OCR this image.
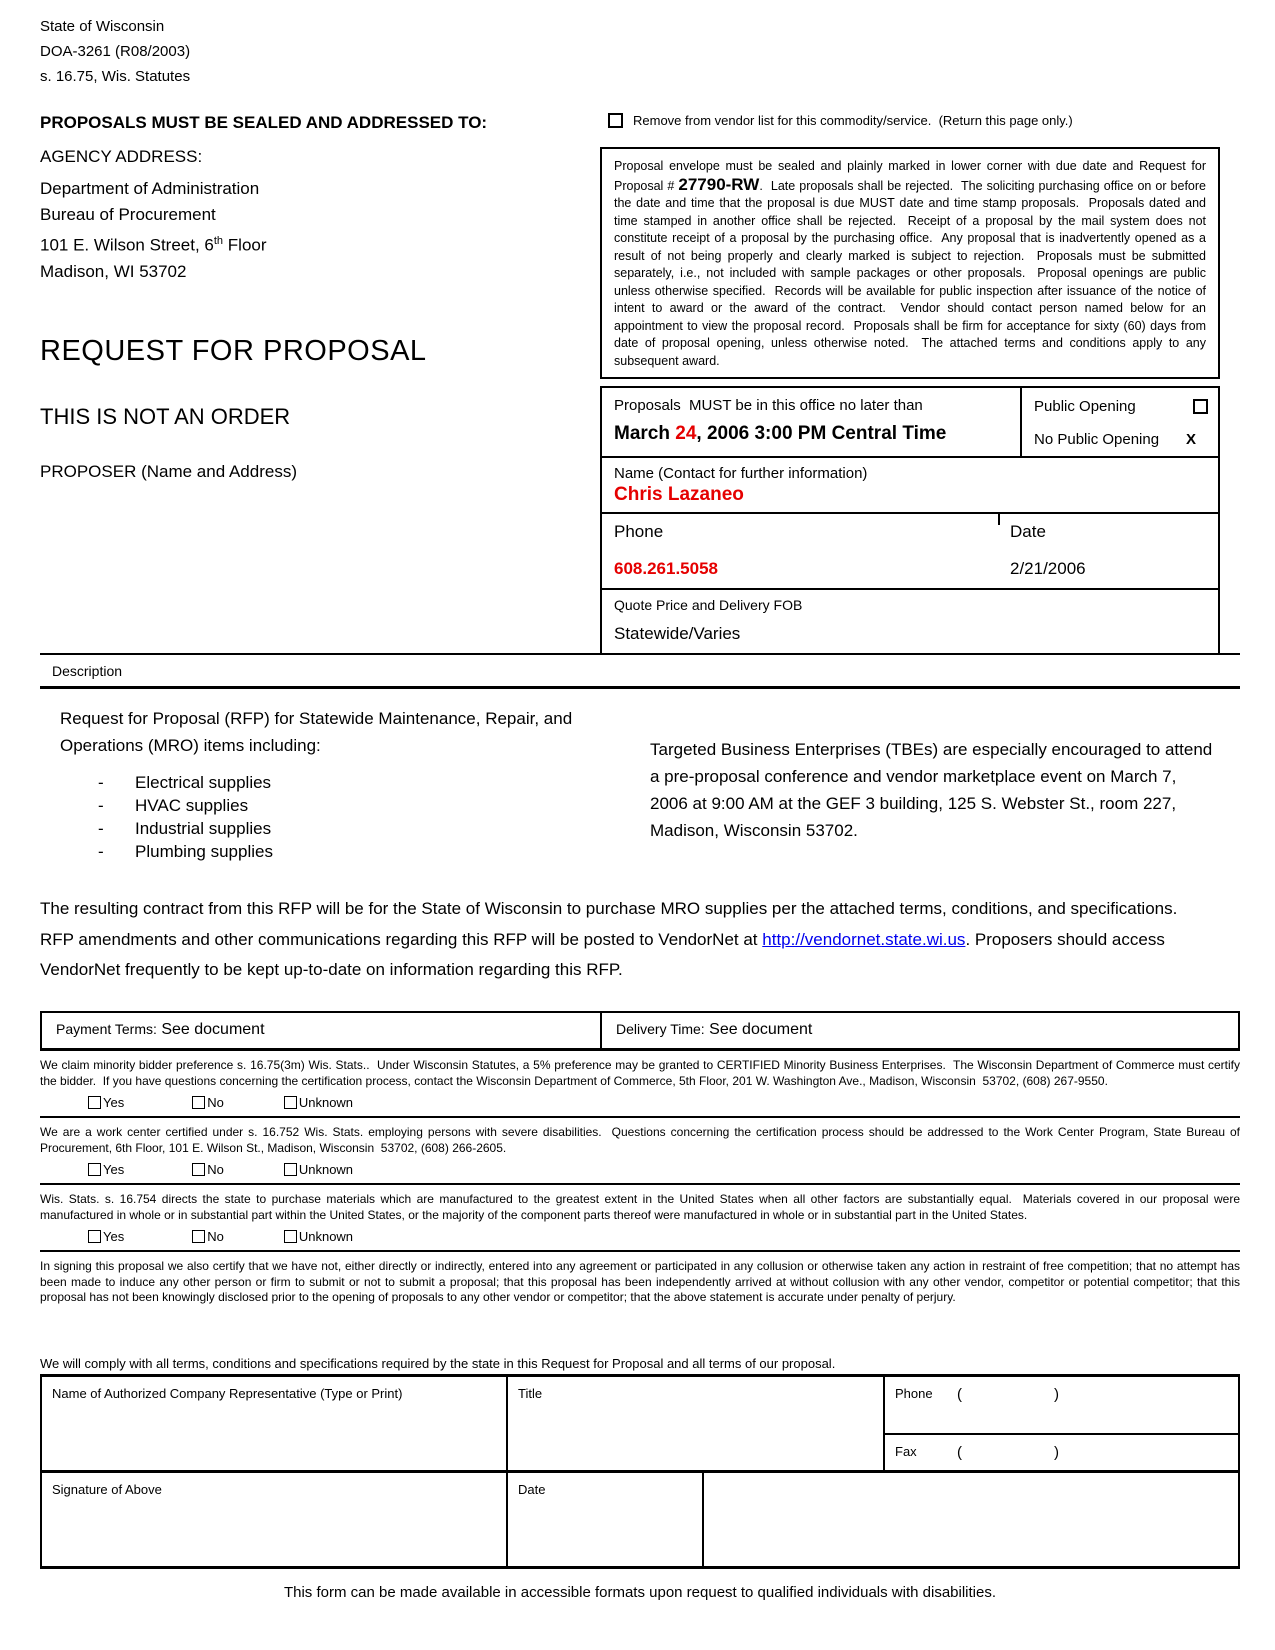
State of Wisconsin
DOA-3261 (R08/2003)
s. 16.75, Wis. Statutes
PROPOSALS MUST BE SEALED AND ADDRESSED TO:	Remove from vendor list for this commodity/service.  (Return this page only.)
AGENCY ADDRESS:
Department of Administration
Bureau of Procurement
101 E. Wilson Street, 6th Floor
Madison, WI 53702
REQUEST FOR PROPOSAL
THIS IS NOT AN ORDER
PROPOSER (Name and Address)
Proposal envelope must be sealed and plainly marked in lower corner with due date and Request for Proposal # 27790-RW.  Late proposals shall be rejected.  The soliciting purchasing office on or before the date and time that the proposal is due MUST date and time stamp proposals.  Proposals dated and time stamped in another office shall be rejected.  Receipt of a proposal by the mail system does not constitute receipt of a proposal by the purchasing office.  Any proposal that is inadvertently opened as a result of not being properly and clearly marked is subject to rejection.  Proposals must be submitted separately, i.e., not included with sample packages or other proposals.  Proposal openings are public unless otherwise specified.  Records will be available for public inspection after issuance of the notice of intent to award or the award of the contract.  Vendor should contact person named below for an appointment to view the proposal record.  Proposals shall be firm for acceptance for sixty (60) days from date of proposal opening, unless otherwise noted.  The attached terms and conditions apply to any subsequent award.
Proposals  MUST be in this office no later than
March 24, 2006 3:00 PM Central Time
Public Opening
No Public Opening X
Name (Contact for further information)
Chris Lazaneo
Phone
608.261.5058
Date
2/21/2006
Quote Price and Delivery FOB
Statewide/Varies
Description
Request for Proposal (RFP) for Statewide Maintenance, Repair, and Operations (MRO) items including:
-	Electrical supplies
-	HVAC supplies
-	Industrial supplies
-	Plumbing supplies
Targeted Business Enterprises (TBEs) are especially encouraged to attend a pre-proposal conference and vendor marketplace event on March 7, 2006 at 9:00 AM at the GEF 3 building, 125 S. Webster St., room 227, Madison, Wisconsin 53702.
The resulting contract from this RFP will be for the State of Wisconsin to purchase MRO supplies per the attached terms, conditions, and specifications.
RFP amendments and other communications regarding this RFP will be posted to VendorNet at http://vendornet.state.wi.us. Proposers should access VendorNet frequently to be kept up-to-date on information regarding this RFP.
Payment Terms: See document	Delivery Time: See document
We claim minority bidder preference s. 16.75(3m) Wis. Stats..  Under Wisconsin Statutes, a 5% preference may be granted to CERTIFIED Minority Business Enterprises.  The Wisconsin Department of Commerce must certify the bidder.  If you have questions concerning the certification process, contact the Wisconsin Department of Commerce, 5th Floor, 201 W. Washington Ave., Madison, Wisconsin  53702, (608) 267-9550.
Yes	No	Unknown
We are a work center certified under s. 16.752 Wis. Stats. employing persons with severe disabilities.  Questions concerning the certification process should be addressed to the Work Center Program, State Bureau of Procurement, 6th Floor, 101 E. Wilson St., Madison, Wisconsin  53702, (608) 266-2605.
Yes	No	Unknown
Wis. Stats. s. 16.754 directs the state to purchase materials which are manufactured to the greatest extent in the United States when all other factors are substantially equal.  Materials covered in our proposal were manufactured in whole or in substantial part within the United States, or the majority of the component parts thereof were manufactured in whole or in substantial part in the United States.
Yes	No	Unknown
In signing this proposal we also certify that we have not, either directly or indirectly, entered into any agreement or participated in any collusion or otherwise taken any action in restraint of free competition; that no attempt has been made to induce any other person or firm to submit or not to submit a proposal; that this proposal has been independently arrived at without collusion with any other vendor, competitor or potential competitor; that this proposal has not been knowingly disclosed prior to the opening of proposals to any other vendor or competitor; that the above statement is accurate under penalty of perjury.
We will comply with all terms, conditions and specifications required by the state in this Request for Proposal and all terms of our proposal.
Name of Authorized Company Representative (Type or Print)	Title	Phone	(	)
Fax	(	)
Signature of Above	Date
This form can be made available in accessible formats upon request to qualified individuals with disabilities.
